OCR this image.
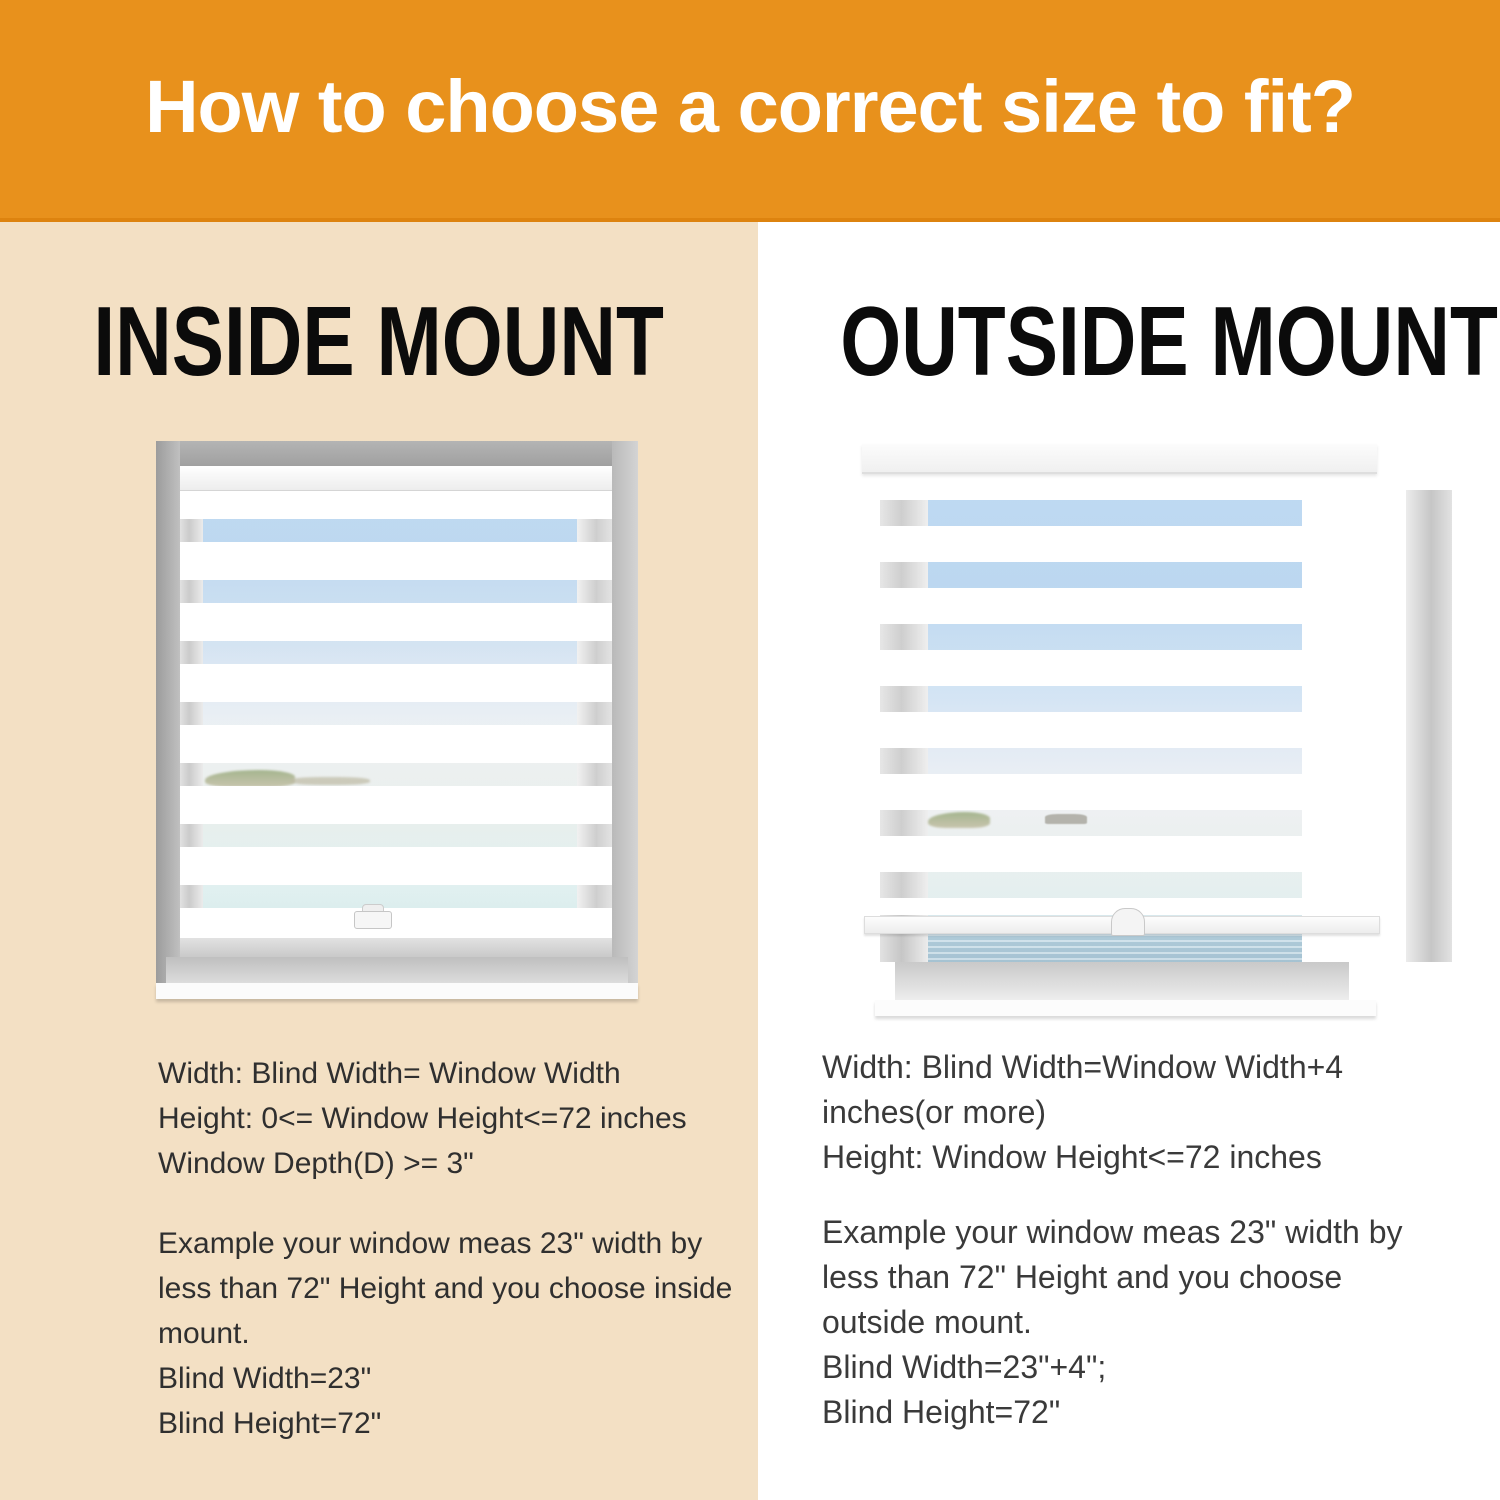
How to choose a correct size to fit?
INSIDE MOUNT
Width: Blind Width= Window Width
Height: 0<= Window Height<=72 inches
Window Depth(D) >= 3"
Example your window meas 23" width by
less than 72" Height and you choose inside
mount.
Blind Width=23"
Blind Height=72"
OUTSIDE MOUNT
Width: Blind Width=Window Width+4
inches(or more)
Height: Window Height<=72 inches
Example your window meas 23" width by
less than 72" Height and you choose
outside mount.
Blind Width=23"+4";
Blind Height=72"
